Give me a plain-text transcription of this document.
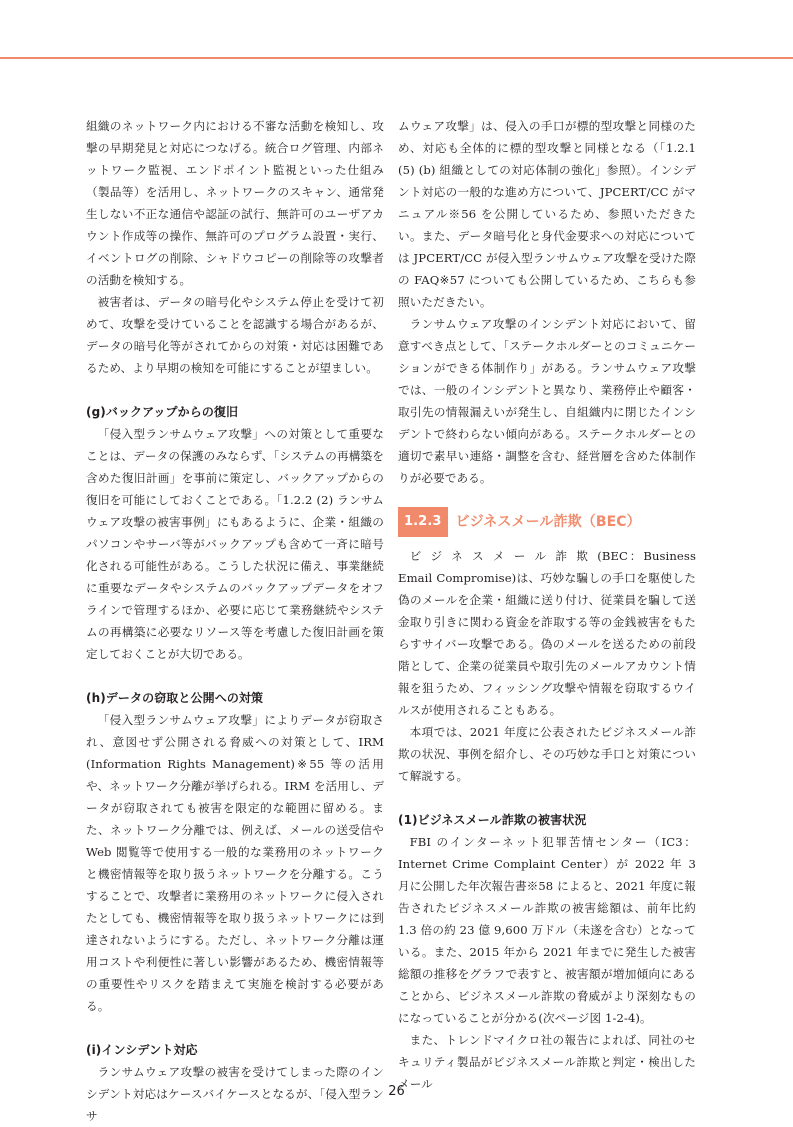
組織のネットワーク内における不審な活動を検知し、攻撃の早期発見と対応につなげる。統合ログ管理、内部ネットワーク監視、エンドポイント監視といった仕組み（製品等）を活用し、ネットワークのスキャン、通常発生しない不正な通信や認証の試行、無許可のユーザアカウント作成等の操作、無許可のプログラム設置・実行、イベントログの削除、シャドウコピーの削除等の攻撃者の活動を検知する。

被害者は、データの暗号化やシステム停止を受けて初めて、攻撃を受けていることを認識する場合があるが、データの暗号化等がされてからの対策・対応は困難であるため、より早期の検知を可能にすることが望ましい。

(g)バックアップからの復旧

「侵入型ランサムウェア攻撃」への対策として重要なことは、データの保護のみならず、「システムの再構築を含めた復旧計画」を事前に策定し、バックアップからの復旧を可能にしておくことである。「1.2.2 (2) ランサムウェア攻撃の被害事例」にもあるように、企業・組織のパソコンやサーバ等がバックアップも含めて一斉に暗号化される可能性がある。こうした状況に備え、事業継続に重要なデータやシステムのバックアップデータをオフラインで管理するほか、必要に応じて業務継続やシステムの再構築に必要なリソース等を考慮した復旧計画を策定しておくことが大切である。

(h)データの窃取と公開への対策

「侵入型ランサムウェア攻撃」によりデータが窃取され、意図せず公開される脅威への対策として、IRM (Information Rights Management)※55 等の活用や、ネットワーク分離が挙げられる。IRM を活用し、データが窃取されても被害を限定的な範囲に留める。また、ネットワーク分離では、例えば、メールの送受信や Web 閲覧等で使用する一般的な業務用のネットワークと機密情報等を取り扱うネットワークを分離する。こうすることで、攻撃者に業務用のネットワークに侵入されたとしても、機密情報等を取り扱うネットワークには到達されないようにする。ただし、ネットワーク分離は運用コストや利便性に著しい影響があるため、機密情報等の重要性やリスクを踏まえて実施を検討する必要がある。

(i)インシデント対応

ランサムウェア攻撃の被害を受けてしまった際のインシデント対応はケースバイケースとなるが、「侵入型ランサ

ムウェア攻撃」は、侵入の手口が標的型攻撃と同様のため、対応も全体的に標的型攻撃と同様となる（「1.2.1 (5) (b) 組織としての対応体制の強化」参照）。インシデント対応の一般的な進め方について、JPCERT/CC がマニュアル※56 を公開しているため、参照いただきたい。また、データ暗号化と身代金要求への対応については JPCERT/CC が侵入型ランサムウェア攻撃を受けた際の FAQ※57 についても公開しているため、こちらも参照いただきたい。

ランサムウェア攻撃のインシデント対応において、留意すべき点として、「ステークホルダーとのコミュニケーションができる体制作り」がある。ランサムウェア攻撃では、一般のインシデントと異なり、業務停止や顧客・取引先の情報漏えいが発生し、自組織内に閉じたインシデントで終わらない傾向がある。ステークホルダーとの適切で素早い連絡・調整を含む、経営層を含めた体制作りが必要である。

1.2.3	ビジネスメール詐欺（BEC）

ビジネスメール詐欺(BEC：Business Email Compromise)は、巧妙な騙しの手口を駆使した偽のメールを企業・組織に送り付け、従業員を騙して送金取り引きに関わる資金を詐取する等の金銭被害をもたらすサイバー攻撃である。偽のメールを送るための前段階として、企業の従業員や取引先のメールアカウント情報を狙うため、フィッシング攻撃や情報を窃取するウイルスが使用されることもある。

本項では、2021 年度に公表されたビジネスメール詐欺の状況、事例を紹介し、その巧妙な手口と対策について解説する。

(1)ビジネスメール詐欺の被害状況

FBI のインターネット犯罪苦情センター（IC3：Internet Crime Complaint Center）が 2022 年 3 月に公開した年次報告書※58 によると、2021 年度に報告されたビジネスメール詐欺の被害総額は、前年比約 1.3 倍の約 23 億 9,600 万ドル（未遂を含む）となっている。また、2015 年から 2021 年までに発生した被害総額の推移をグラフで表すと、被害額が増加傾向にあることから、ビジネスメール詐欺の脅威がより深刻なものになっていることが分かる(次ページ図 1-2-4)。

また、トレンドマイクロ社の報告によれば、同社のセキュリティ製品がビジネスメール詐欺と判定・検出したメール

26
